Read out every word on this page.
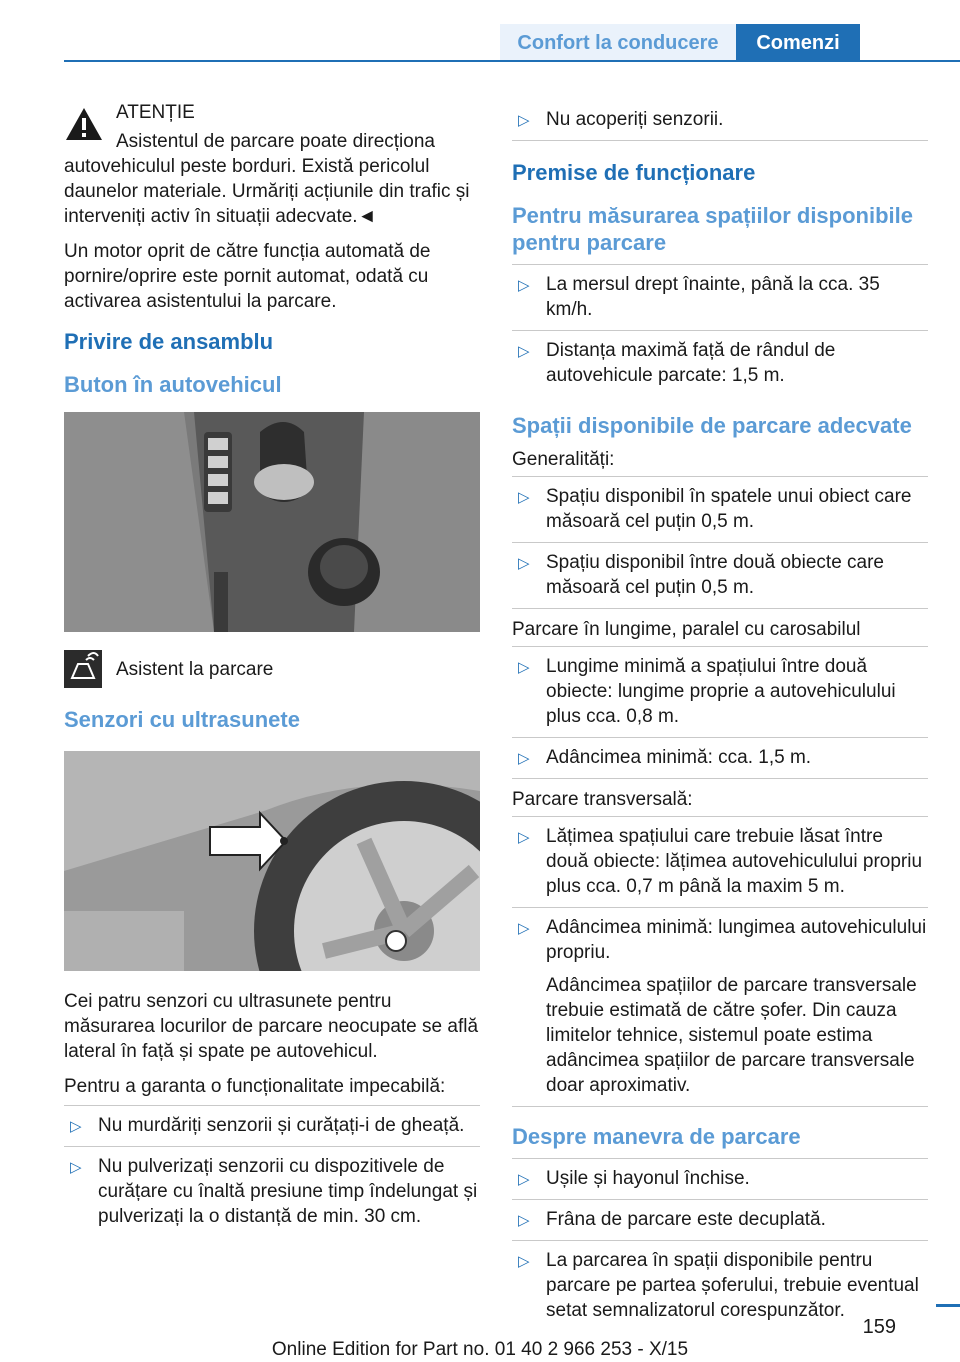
Confort la conducere	Comenzi

ATENȚIE

Asistentul de parcare poate direcționa
autovehiculul peste borduri. Există pericolul daunelor materiale. Urmăriți acțiunile din trafic și interveniți activ în situații adecvate.◄

Un motor oprit de către funcția automată de pornire/oprire este pornit automat, odată cu activarea asistentului la parcare.

Privire de ansamblu
Buton în autovehicul
Asistent la parcare
Senzori cu ultrasunete

Cei patru senzori cu ultrasunete pentru măsurarea locurilor de parcare neocupate se află lateral în față și spate pe autovehicul.

Pentru a garanta o funcționalitate impecabilă:

▷ Nu murdăriți senzorii și curățați-i de gheață.
▷ Nu pulverizați senzorii cu dispozitivele de curățare cu înaltă presiune timp îndelungat și pulverizați la o distanță de min. 30 cm.
▷ Nu acoperiți senzorii.
Premise de funcționare
Pentru măsurarea spațiilor disponibile pentru parcare
▷ La mersul drept înainte, până la cca. 35 km/h.
▷ Distanța maximă față de rândul de autovehicule parcate: 1,5 m.
Spații disponibile de parcare adecvate

Generalități:

▷ Spațiu disponibil în spatele unui obiect care măsoară cel puțin 0,5 m.
▷ Spațiu disponibil între două obiecte care măsoară cel puțin 0,5 m.

Parcare în lungime, paralel cu carosabilul

▷ Lungime minimă a spațiului între două obiecte: lungime proprie a autovehiculului plus cca. 0,8 m.
▷ Adâncimea minimă: cca. 1,5 m.

Parcare transversală:

▷ Lățimea spațiului care trebuie lăsat între două obiecte: lățimea autovehiculului propriu plus cca. 0,7 m până la maxim 5 m.
▷ Adâncimea minimă: lungimea autovehiculului propriu.
Adâncimea spațiilor de parcare transversale trebuie estimată de către șofer. Din cauza limitelor tehnice, sistemul poate estima adâncimea spațiilor de parcare transversale doar aproximativ.
Despre manevra de parcare
▷ Ușile și hayonul închise.
▷ Frâna de parcare este decuplată.
▷ La parcarea în spații disponibile pentru parcare pe partea șoferului, trebuie eventual setat semnalizatorul corespunzător.
159
Online Edition for Part no. 01 40 2 966 253 - X/15
